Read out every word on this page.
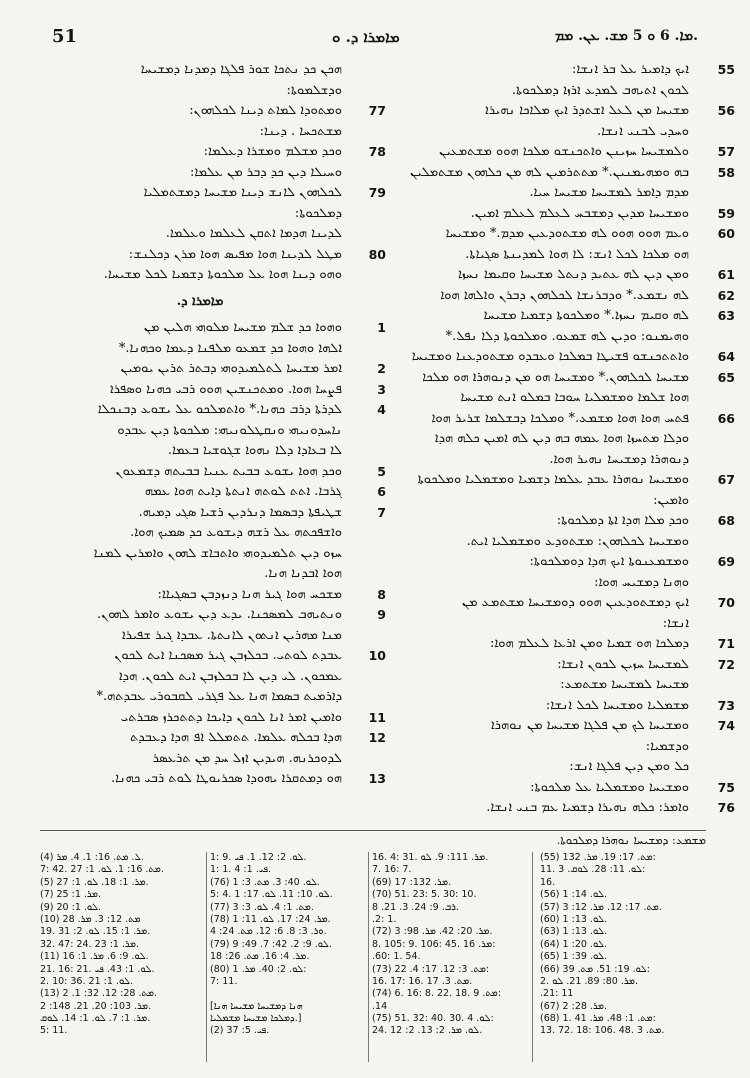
51	ܡܐܡܪܐ ܕ. ܘ	ܡܐ. 6 ܘ 5 ܡܫ. ܥܢ. ܡܡ.
ܗܟܢ ܟܕ ܢܬܟܐ ܫܘܪ ܦܠܓܐ ܕܡܕܢܐ ܕܡܫܝܚܐ
ܘܕܫܠܡܘܬܐ:
77
ܘܡܬܘܕܐ ܠܡܐܬ ܕܝܢܐ ܠܟܠܗܘܢ:
ܡܫܬܟܚܐ . ܕܝܢܐ:
78
ܘܟܕ ܡܫܠܡ ܘܡܫܪܐ ܕܥܠܡܐ:
ܘܚܝܠܐ ܕܝܢ ܟܕ ܕܒܪ ܡܢ ܥܠܡܐ:
79
ܠܟܠܗܘܢ ܠܐܢܫ ܕܝܢܐ ܡܫܝܚܐ ܕܡܫܬܡܠܝܐ
ܕܡܠܟܘܬܐ:
ܠܕܝܢܐ ܗܕܡܐ ܐܬܩܢ ܠܥܠܡܐ ܘܥܠܡܐ.
80
ܡܛܠ ܠܕܝܢܐ ܗܘܐ ܡܦܝܣ ܗܘܐ ܡܪܢ ܕܟܠܢܫ:
ܘܗܘ ܕܝܢܐ ܗܘܐ ܥܠ ܡܠܟܘܬܐ ܕܫܡܝܐ ܠܟܠ ܡܫܝܚܐ.
ܡܐܡܪܐ ܕ.
1
ܘܗܘܐ ܟܕ ܫܠܡ ܡܫܝܚܐ ܡܠܘܗܝ ܗܠܝܢ ܡܢ
ܐܠܗܐ ܘܗܘܐ ܟܕ ܫܡܥܘ ܡܠܦܢܐ ܕܥܡܐ ܘܟܗܢܐ.*
2
ܐܡܪ ܡܫܝܚܐ ܠܬܠܡܝܕܘܗܝ ܕܒܬܪ ܬܪܝܢ ܝܘܡܝܢ
3
ܦܨܚܐ ܗܘܐ. ܘܡܬܟܢܫܝܢ ܗܘܘ ܪܒܝ ܟܗܢܐ ܘܣܦܪܐ
4
ܠܕܪܬܐ ܕܪܒ ܟܗܢܐ.* ܘܐܬܡܠܟܘ ܥܠ ܝܫܘܥ ܕܒܢܟܠܐ
ܢܐܚܕܘܢܝܗܝ ܘܢܩܛܠܘܢܝܗܝ: ܡܠܟܘܬܐ ܕܝܢ ܥܒܕܘ
ܠܐ ܒܥܐܕܐ ܕܠܐ ܢܗܘܐ ܫܓܘܫܝܐ ܒܥܡܐ.
5
ܘܟܕ ܗܘܐ ܝܫܘܥ ܒܒܝܬ ܥܢܝܐ ܒܒܝܬܗ ܕܫܡܥܘܢ
6
ܓܪܒܐ. ܐܬܬ ܠܘܬܗ ܐܢܬܬܐ ܕܐܝܬ ܗܘܐ ܥܡܗ
7
ܫܛܝܦܬܐ ܕܒܣܡܐ ܕܢܪܕܝܢ ܪܫܝܐ ܣܓܝ ܕܡܝܗ.
ܘܐܫܦܟܬܗ ܥܠ ܪܫܗ ܕܝܫܘܥ ܟܕ ܣܡܝܟ ܗܘܐ.
ܚܙܘ ܕܝܢ ܬܠܡܝܕܘܗܝ ܘܐܬܒܐܫ ܠܗܘܢ ܘܐܡܪܝܢ ܠܡܢܐ
ܗܘܐ ܐܒܕܢܐ ܗܢܐ.
8
ܡܫܟܚ ܗܘܐ ܓܝܪ ܗܢܐ ܕܢܙܕܒܢ ܒܣܓܝܐܐ:
9
ܘܢܬܝܗܒ ܠܡܣܟܢܐ. ܝܕܥ ܕܝܢ ܝܫܘܥ ܘܐܡܪ ܠܗܘܢ.
ܡܢܐ ܡܗܪܝܢ ܐܢܬܘܢ ܠܐܢܬܬܐ. ܥܒܕܐ ܓܝܪ ܫܦܝܪܐ
10
ܥܒܕܬ ܠܘܬܝ. ܒܟܠܙܒܢ ܓܝܪ ܡܣܟܢܐ ܐܝܬ ܠܟܘܢ
ܥܡܟܘܢ. ܠܝ ܕܝܢ ܠܐ ܒܟܠܙܒܢ ܐܝܬ ܠܟܘܢ. ܗܕܐ
ܕܐܪܡܝܬ ܒܣܡܐ ܗܢܐ ܥܠ ܦܓܪܝ ܠܩܒܘܪܝ ܥܒܕܬܗ.*
11
ܘܐܡܝܢ ܐܡܪ ܐܢܐ ܠܟܘܢ ܕܐܝܟܐ ܕܬܬܟܪܙ ܣܒܪܬܝ
12
ܗܕܐ ܒܟܠܗ ܥܠܡܐ. ܬܬܡܠܠ ܐܦ ܗܕܐ ܕܥܒܕܬ
ܠܕܘܟܪܢܗ. ܗܝܕܝܢ ܐܙܠ ܚܕ ܡܢ ܬܪܥܣܪ
13
ܗܘ ܕܡܬܩܪܐ ܝܗܘܕܐ ܣܟܪܝܘܛܐ ܠܘܬ ܪܒܝ ܟܗܢܐ.
55
ܐܝܟ ܕܐܡܝܪ ܥܠ ܒܪ ܐܢܫܐ:
ܠܟܘܢ ܐܬܝܗܒ ܠܡܕܥ ܐܪܙܐ ܕܡܠܟܘܬܐ.
56
ܡܫܝܚܐ ܡܢ ܠܥܠ ܐܫܬܕܪ ܐܝܟ ܡܠܐܟܐ ܢܗܝܪܐ
ܘܚܕܝ ܠܒܢܝ ܐܢܫܐ.
57
ܘܠܡܫܝܚܐ ܚܙܝܢܢ ܘܐܬܟܢܫܘ ܡܠܟܐ ܗܘܘ ܡܫܬܡܥܝܢ
58
ܒܗ ܘܡܗܝܡܢܝܢ.* ܡܬܬܪܡܝܢ ܠܗ ܡܢ ܟܠܗܘܢ ܡܫܬܡܠܝܢ
ܡܕܡ ܕܐܡܪ ܠܡܫܝܚܐ ܡܫܝܚܐ ܚܝܐ.
59
ܘܡܫܝܚܐ ܡܕܝܢ ܕܡܫܒܚ ܠܥܠܡ ܠܥܠܡ ܐܡܝܢ.
60
ܘܥܡ ܗܘܘ ܗܘܘ ܠܗ ܡܫܬܘܕܥܝܢ ܡܕܡ.* ܘܡܫܝܚܐ
ܗܘ ܡܠܟܐ ܠܟܠ ܐܢܫ: ܠܐ ܗܘܐ ܠܡܕܝܢܬܐ ܣܓܝܐܬܐ.
61
ܘܡܢ ܕܝܢ ܠܗ ܥܬܝܕ ܕܢܬܠ ܡܫܝܚܐ ܘܩܝܡܐ ܢܚܙܐ
62
ܠܗ ܢܫܡܥ.* ܘܕܒܪܢܫܐ ܠܟܠܗܘܢ ܕܒܪܢ ܘܐܠܗܐ ܗܘܐ
63
ܠܗ ܘܩܝܡ ܢܚܙܐ.* ܘܡܠܟܘܬܐ ܕܫܡܝܐ ܡܫܝܚܐ
ܘܗܝܡܢܘ: ܘܕܝܢ ܠܗ ܫܡܥܘ. ܘܡܠܟܘܬܐ ܕܠܐ ܢܦܠ.*
64
ܘܐܬܬܟܢܫܘ ܦܫܝܛܐ ܒܡܠܟܐ ܘܥܒܕܘ ܡܫܬܘܕܥܢܐ ܘܡܫܝܚܐ
65
ܡܫܝܚܐ ܠܟܠܗܘܢ.* ܘܡܫܝܚܐ ܗܘ ܡܢ ܕܢܘܗܪܐ ܗܘ ܡܠܟܐ
ܗܘܐ ܫܠܡܐ ܘܡܫܡܠܝܐ ܚܘܒܐ ܒܡܠܘ ܐܢܬ ܡܫܝܚܐ
66
ܦܬܚ ܗܘܐ ܗܘܐ ܡܫܡܥ.* ܘܡܠܟܐ ܕܒܫܠܡܐ ܫܪܝܪ ܗܘܐ
ܘܕܠܐ ܡܬܚܙܐ ܗܘܐ ܥܡܗ ܒܗ ܕܝܢ ܠܗ ܐܡܝܢ ܟܠܗ ܗܕܐ
ܕܢܘܗܪܐ ܕܡܫܝܚܐ ܢܗܝܪ ܗܘܐ.
67
ܘܡܫܝܚܐ ܢܘܗܪܐ ܥܒܕ ܥܠܡܐ ܕܫܡܝܐ ܘܡܫܡܠܝܐ ܘܡܠܟܘܬܐ
ܘܐܡܝܢ:
68
ܘܟܕ ܡܠܐ ܗܕܐ ܐܬܐ ܕܡܠܟܘܬܐ:
ܘܡܫܝܚܐ ܠܟܠܗܘܢ: ܡܫܬܘܕܥ ܘܡܫܡܠܝܐ ܐܝܬ.
69
ܘܡܫܡܥܢܘܬܐ ܐܝܟ ܗܕܐ ܕܘܡܠܟܘܬܐ:
ܘܗܢܐ ܕܡܫܝܚ ܗܘܐ:
70
ܐܝܟ ܕܡܫܬܘܕܥܝܢ ܗܘܘ ܕܘܡܫܝܚܐ ܡܫܬܡܥ ܡܢ
ܐܢܫܐ:
71
ܕܡܠܟܐ ܗܘ ܫܡܝܐ ܘܡܢ ܐܪܥܐ ܠܥܠܡ ܗܘܐ:
72
ܠܡܫܝܚܐ ܚܙܝܢ ܠܟܘܢ ܐܢܫܐ:
ܡܫܝܚܐ ܠܡܫܝܚܐ ܡܫܬܡܥ:
73
ܡܫܡܠܝܐ ܘܡܫܝܚܐ ܠܟܠ ܐܢܫܐ:
74
ܘܡܫܝܚܐ ܠܟ ܡܢ ܦܠܓܐ ܡܫܝܚܐ ܡܢ ܢܘܗܪܐ
ܘܕܫܡܝܐ:
ܟܠ ܘܡܢ ܕܝܢ ܦܠܓܐ ܐܢܫ:
75
ܘܡܫܝܚܐ ܘܡܫܡܠܝܐ ܥܠ ܡܠܟܘܬܐ:
76
ܘܐܡܪ: ܟܠܗ ܢܗܝܪܐ ܕܫܡܝܐ ܥܡ ܒܢܝ ܐܢܫܐ.
ܡܫܡܥ: ܕܡܫܝܚܐ ܢܘܗܪܐ ܕܡܠܟܘܬܐ.
(55) ܡܬ. 17: 19. ܡܪ. 132:
11. ܠܘ. 11: 28. ܠܘܩ. 3:
16.
(56) ܠܘ. 14: 1.
(57) ܡܬ. 17: 12. ܡܪ. 12: 3.
(60) ܠܘ. 13: 1.
(63) ܠܘ. 13: 1.
(64) ܠܘ. 20: 1.
(65) ܠܘ. 39: 1.
(66) ܠܘ. 19: 51. ܡܬ. 39:
2. ܡܪ. 80: 89. 21. ܠܘ.
.21: 11
(67) ܡܪ. 28: 2.
(68) 1. ܡܬ. 1: 48. ܡܪ. 41:
13. 72. 18: 106. 48. ܡܬ. 3.
16. 4: 31. ܡܪ. 111: 9. ܠܘ.
7. 16: 7.
(69) ܡܪ. 132: 17.
(70) 51. 23: 5. 30: 10.
ܪܒ. 9: 24. 3. 21. 8.
.2: 1.
(72) ܡܪ. 20: 42. ܡܪ. 98: 3.
8. 105: 9. 106: 45. ܡܪ. 16:
.60: 1. 54.
(73) ܡܬ. 3: 12. 17: 4. 22:
16. 17: 16. ܡܬ. 3. 17.
(74) 6. 16: 8. 22. 18. ܡܬ. 9:
.14
(75) 51. 32: 40. 30. ܠܘ. 4:
24. ܠܘ. ܡܪ. 2: 13. 2: 12.
1: 9. ܠܘ. 2: 12. 1. ܦܝ.
1: 1. ܦܝ. 1: 4.
(76) ܠܘ. 40: 3. ܡܬ. 3: 1.
5: 4. ܠܘ. 10: 11. ܠܘ. 17: 1.
(77) ܡܬ. 1: 4. ܠܘ. 3: 3.
(78) ܡܪ. 24: 17. ܠܘ. 11: 1.
ܘܪ. 3: 8. 6: 12. ܡܬ. 24: 4.
(79) ܠܘ. 9: 2. 42: 7. 49: 9.
ܡܪ. 4: 16. ܡܬ. 26: 18.
(80) ܠܘ. 2: 40. ܡܪ. 1:
7: 11.
[ܗܢܐ ܕܡܫܝܚܐ ܡܫܝܚܐ ܗܢܐ
ܕܡܠܟܐ ܡܫܝܚܐ ܡܫܡܠܝܐ.]
(2) ܦܝ. 5: 37.
(4) ܠ. ܡܬ. 16: 1. 4. ܡܪ.
7: 42. ܡܬ. 16: 1. ܠܘ. 1: 27.
(5) ܡܪ. 1: 18. ܠܘ. 1: 27.
(7) ܡܪ. 1: 25.
(9) ܠܘ. 1: 20.
(10) ܡܬ. 12: 3. ܡܪ. 28
19. ܡܪ. 1: 15. ܠܘ. 2: 31.
32. 47: 24. ܡܪ. 1: 23.
(11) ܠܘ. 9: 6. ܡܪ. 1: 16.
21. 16: 21. ܠܘ. 1: 43. ܦܝ.
2. 10: 36. ܠܘ. 1: 21.
(13) ܡܬ. 28: 12. 32: 1. 2.
ܡܪ. 103: 20. 21. 148: 2.
ܡܪ. 1: 7. ܠܘ. 1: 14. ܠܘܩ.
5: 11.
